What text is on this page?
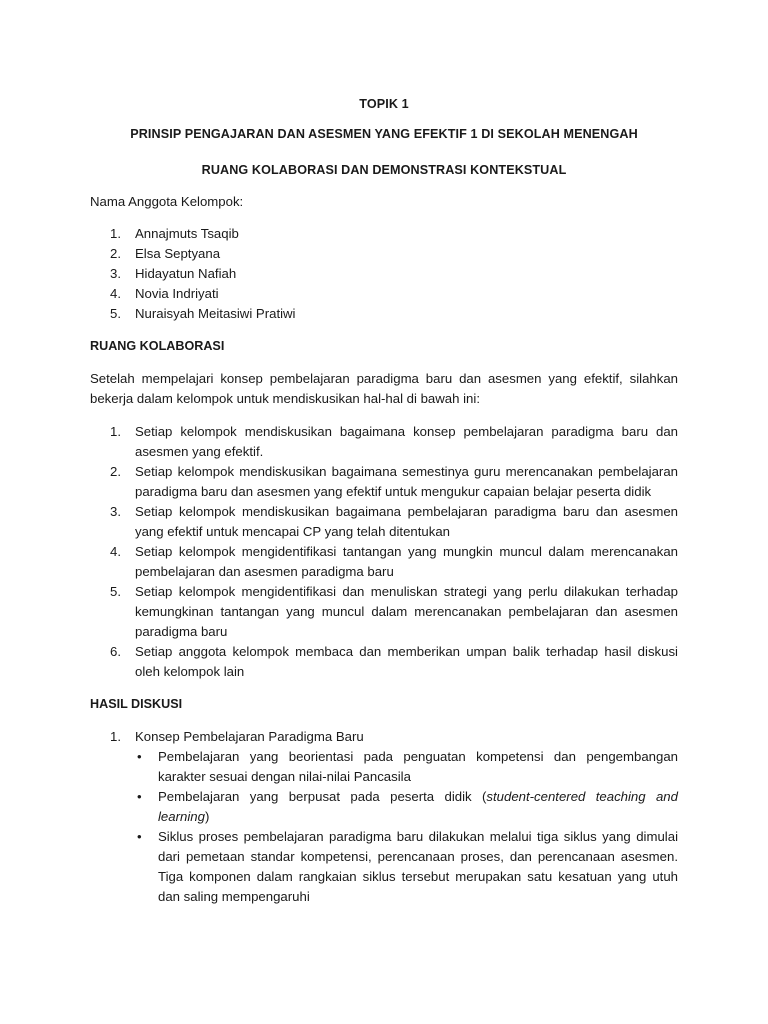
TOPIK 1
PRINSIP PENGAJARAN DAN ASESMEN YANG EFEKTIF 1 DI SEKOLAH MENENGAH
RUANG KOLABORASI DAN DEMONSTRASI KONTEKSTUAL
Nama Anggota Kelompok:
1. Annajmuts Tsaqib
2. Elsa Septyana
3. Hidayatun Nafiah
4. Novia Indriyati
5. Nuraisyah Meitasiwi Pratiwi
RUANG KOLABORASI
Setelah mempelajari konsep pembelajaran paradigma baru dan asesmen yang efektif, silahkan bekerja dalam kelompok untuk mendiskusikan hal-hal di bawah ini:
1. Setiap kelompok mendiskusikan bagaimana konsep pembelajaran paradigma baru dan asesmen yang efektif.
2. Setiap kelompok mendiskusikan bagaimana semestinya guru merencanakan pembelajaran paradigma baru dan asesmen yang efektif untuk mengukur capaian belajar peserta didik
3. Setiap kelompok mendiskusikan bagaimana pembelajaran paradigma baru dan asesmen yang efektif untuk mencapai CP yang telah ditentukan
4. Setiap kelompok mengidentifikasi tantangan yang mungkin muncul dalam merencanakan pembelajaran dan asesmen paradigma baru
5. Setiap kelompok mengidentifikasi dan menuliskan strategi yang perlu dilakukan terhadap kemungkinan tantangan yang muncul dalam merencanakan pembelajaran dan asesmen paradigma baru
6. Setiap anggota kelompok membaca dan memberikan umpan balik terhadap hasil diskusi oleh kelompok lain
HASIL DISKUSI
1. Konsep Pembelajaran Paradigma Baru
• Pembelajaran yang beorientasi pada penguatan kompetensi dan pengembangan karakter sesuai dengan nilai-nilai Pancasila
• Pembelajaran yang berpusat pada peserta didik (student-centered teaching and learning)
• Siklus proses pembelajaran paradigma baru dilakukan melalui tiga siklus yang dimulai dari pemetaan standar kompetensi, perencanaan proses, dan perencanaan asesmen. Tiga komponen dalam rangkaian siklus tersebut merupakan satu kesatuan yang utuh dan saling mempengaruhi
